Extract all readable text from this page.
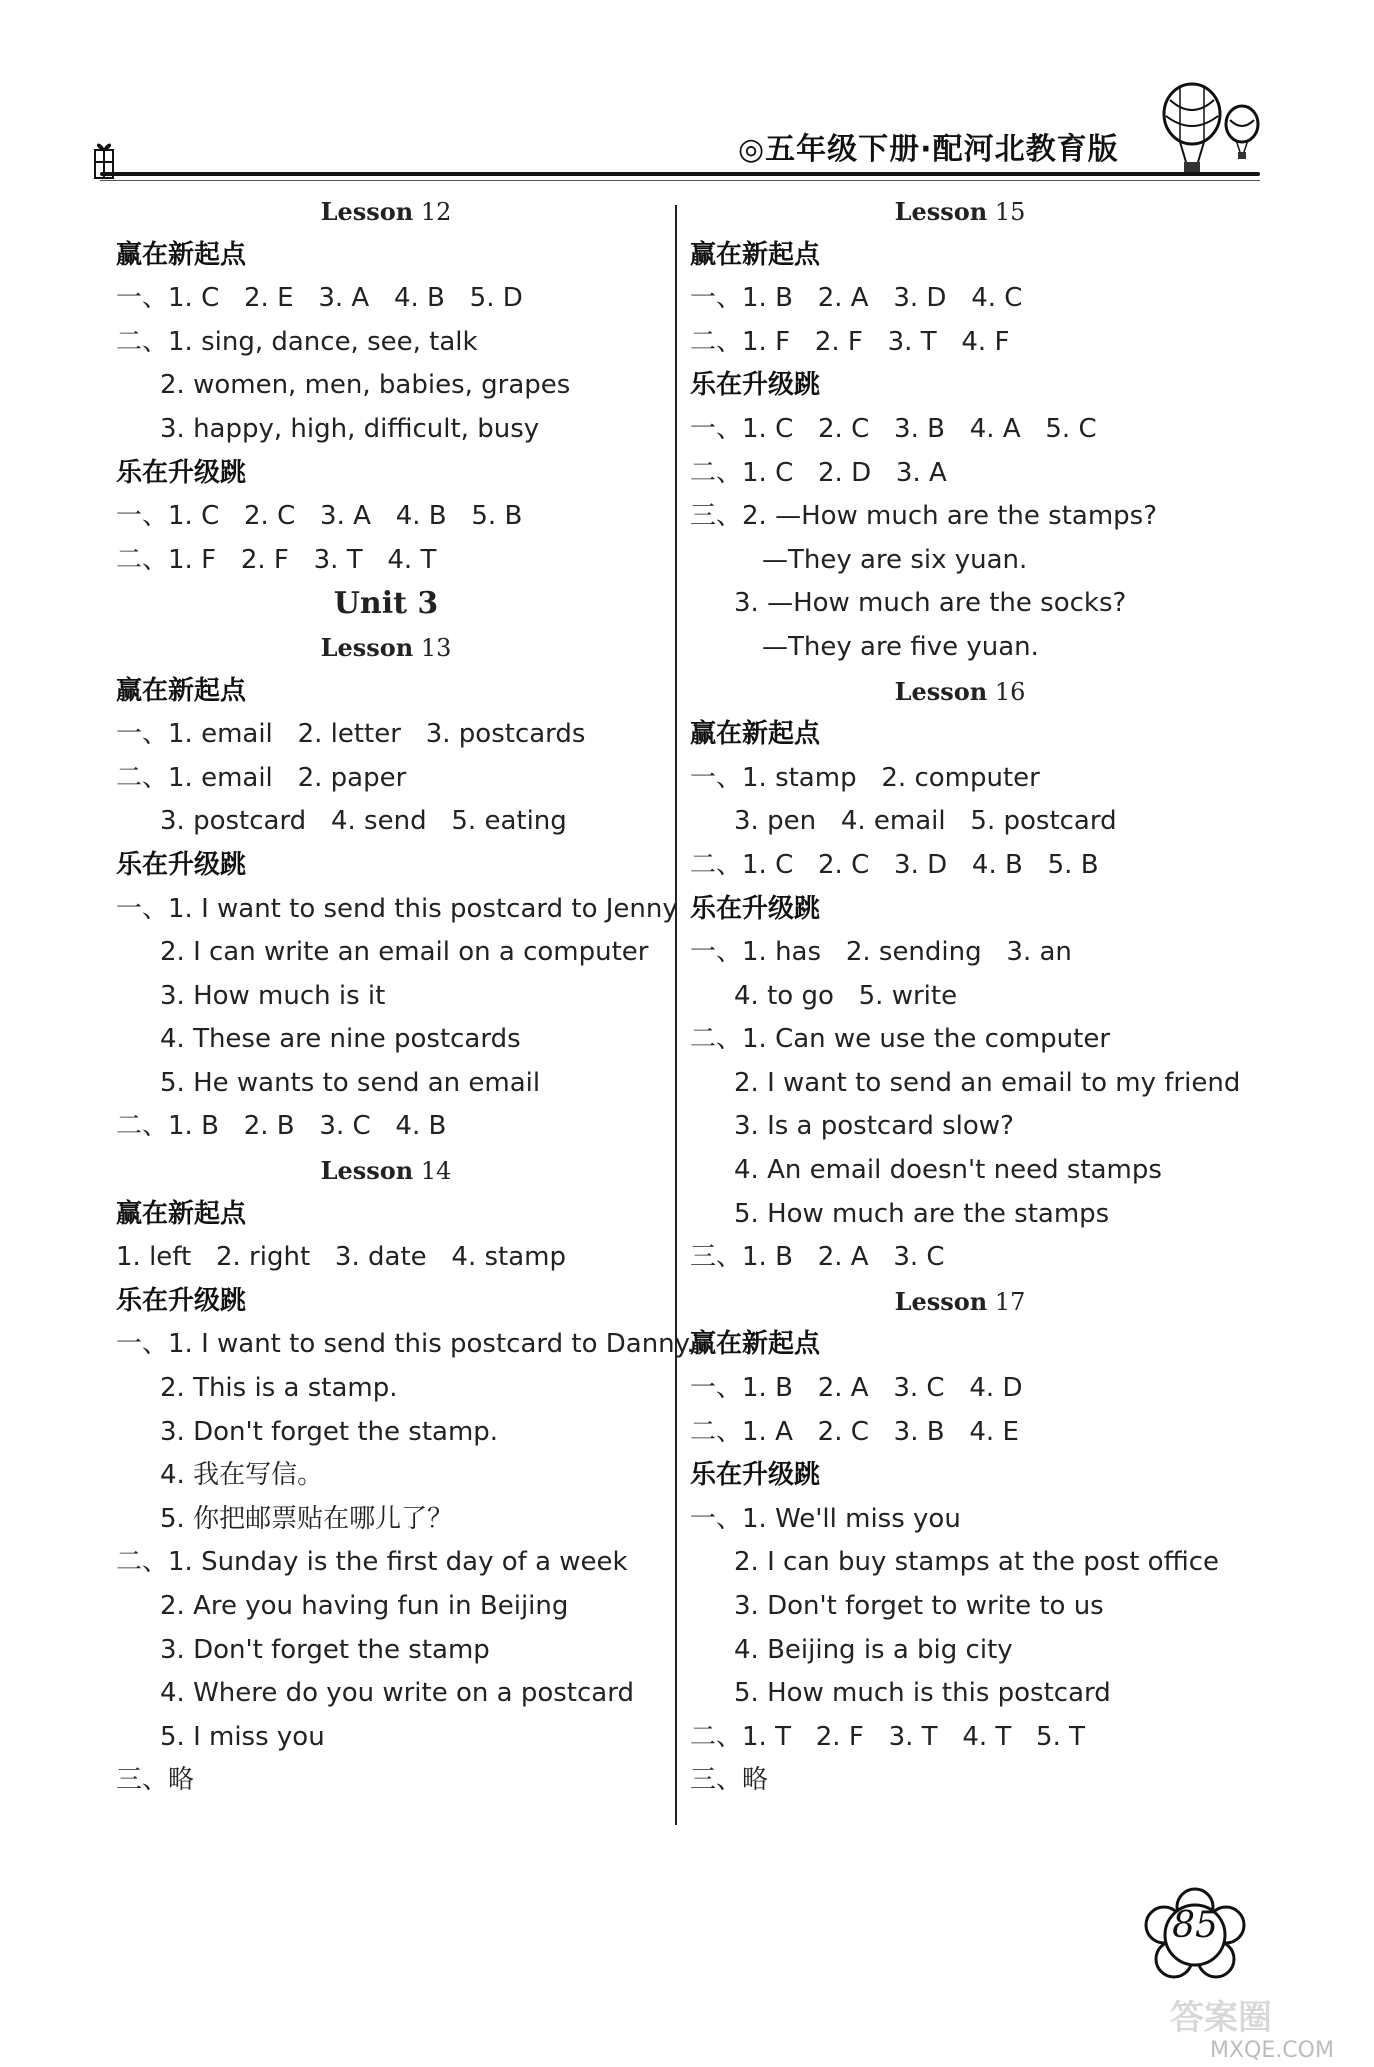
◎五年级下册·配河北教育版
Lesson 12
赢在新起点
一、1. C   2. E   3. A   4. B   5. D
二、1. sing, dance, see, talk
2. women, men, babies, grapes
3. happy, high, difficult, busy
乐在升级跳
一、1. C   2. C   3. A   4. B   5. B
二、1. F   2. F   3. T   4. T
Unit 3
Lesson 13
赢在新起点
一、1. email   2. letter   3. postcards
二、1. email   2. paper
3. postcard   4. send   5. eating
乐在升级跳
一、1. I want to send this postcard to Jenny
2. I can write an email on a computer
3. How much is it
4. These are nine postcards
5. He wants to send an email
二、1. B   2. B   3. C   4. B
Lesson 14
赢在新起点
1. left   2. right   3. date   4. stamp
乐在升级跳
一、1. I want to send this postcard to Danny.
2. This is a stamp.
3. Don't forget the stamp.
4. 我在写信。
5. 你把邮票贴在哪儿了？
二、1. Sunday is the first day of a week
2. Are you having fun in Beijing
3. Don't forget the stamp
4. Where do you write on a postcard
5. I miss you
三、略
Lesson 15
赢在新起点
一、1. B   2. A   3. D   4. C
二、1. F   2. F   3. T   4. F
乐在升级跳
一、1. C   2. C   3. B   4. A   5. C
二、1. C   2. D   3. A
三、2. —How much are the stamps?
—They are six yuan.
3. —How much are the socks?
—They are five yuan.
Lesson 16
赢在新起点
一、1. stamp   2. computer
3. pen   4. email   5. postcard
二、1. C   2. C   3. D   4. B   5. B
乐在升级跳
一、1. has   2. sending   3. an
4. to go   5. write
二、1. Can we use the computer
2. I want to send an email to my friend
3. Is a postcard slow?
4. An email doesn't need stamps
5. How much are the stamps
三、1. B   2. A   3. C
Lesson 17
赢在新起点
一、1. B   2. A   3. C   4. D
二、1. A   2. C   3. B   4. E
乐在升级跳
一、1. We'll miss you
2. I can buy stamps at the post office
3. Don't forget to write to us
4. Beijing is a big city
5. How much is this postcard
二、1. T   2. F   3. T   4. T   5. T
三、略
85
答案圈
MXQE.COM
